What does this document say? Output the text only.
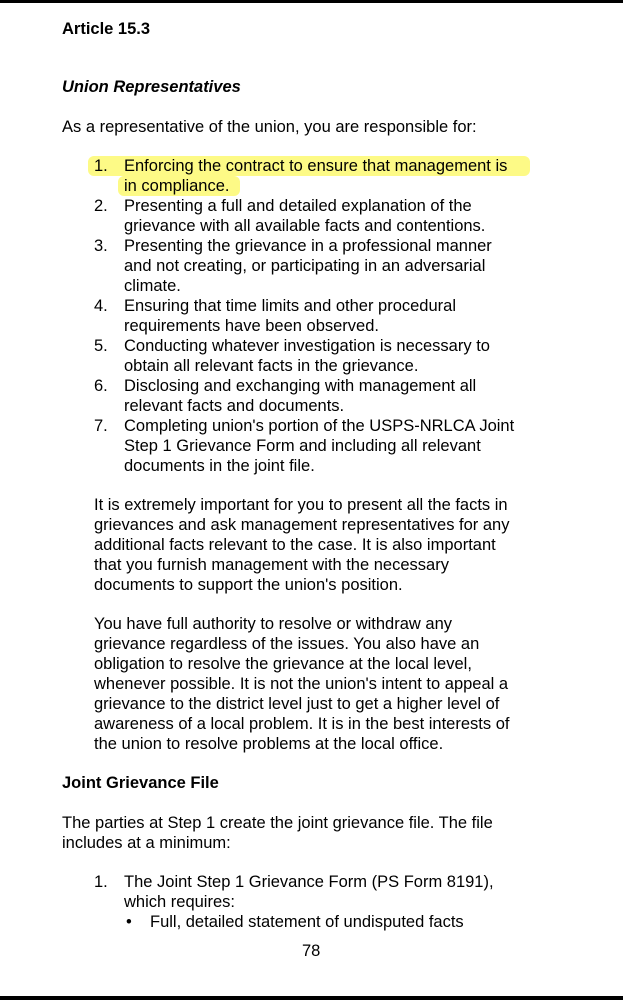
Article 15.3
Union Representatives
As a representative of the union, you are responsible for:
1. Enforcing the contract to ensure that management is
in compliance.
2. Presenting a full and detailed explanation of the
grievance with all available facts and contentions.
3. Presenting the grievance in a professional manner
and not creating, or participating in an adversarial
climate.
4. Ensuring that time limits and other procedural
requirements have been observed.
5. Conducting whatever investigation is necessary to
obtain all relevant facts in the grievance.
6. Disclosing and exchanging with management all
relevant facts and documents.
7. Completing union's portion of the USPS-NRLCA Joint
Step 1 Grievance Form and including all relevant
documents in the joint file.
It is extremely important for you to present all the facts in
grievances and ask management representatives for any
additional facts relevant to the case. It is also important
that you furnish management with the necessary
documents to support the union's position.
You have full authority to resolve or withdraw any
grievance regardless of the issues. You also have an
obligation to resolve the grievance at the local level,
whenever possible. It is not the union's intent to appeal a
grievance to the district level just to get a higher level of
awareness of a local problem. It is in the best interests of
the union to resolve problems at the local office.
Joint Grievance File
The parties at Step 1 create the joint grievance file. The file
includes at a minimum:
1. The Joint Step 1 Grievance Form (PS Form 8191),
which requires:
• Full, detailed statement of undisputed facts
78
